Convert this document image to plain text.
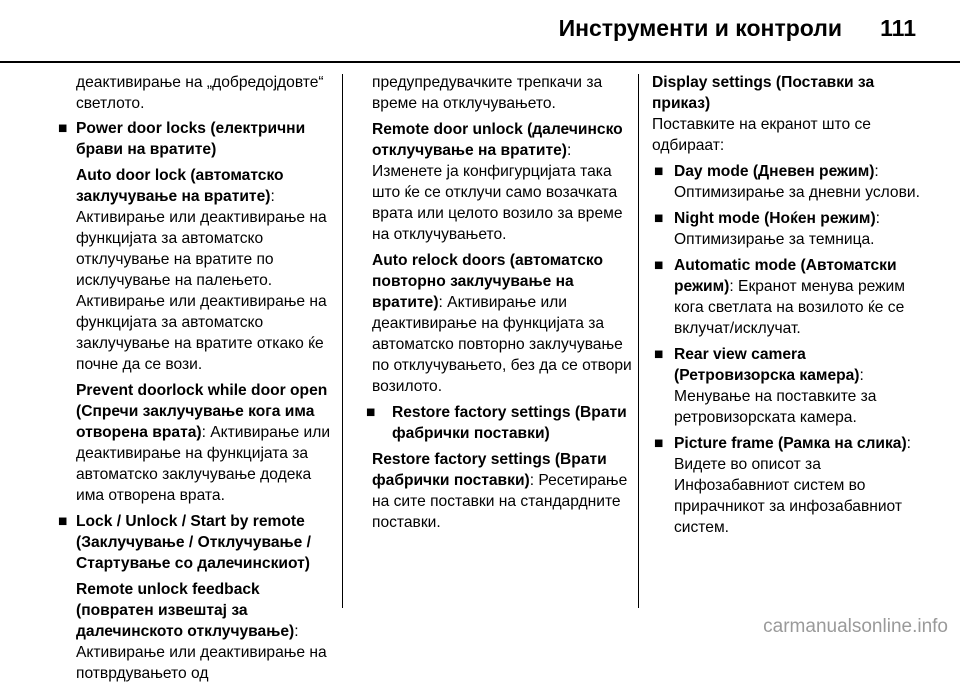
Инструменти и контроли 111

деактивирање на „добредојдовте“ светлото.

■ Power door locks (електрични брави на вратите)

Auto door lock (автоматско заклучување на вратите): Активирање или деактивирање на функцијата за автоматско отклучување на вратите по исклучување на палењето. Активирање или деактивирање на функцијата за автоматско заклучување на вратите откако ќе почне да се вози.

Prevent doorlock while door open (Спречи заклучување кога има отворена врата): Активирање или деактивирање на функцијата за автоматско заклучување додека има отворена врата.

■ Lock / Unlock / Start by remote (Заклучување / Отклучување / Стартување со далечинскиот)

Remote unlock feedback (повратен извештај за далечинското отклучување): Активирање или деактивирање на потврдувањето од

предупредувачките трепкачи за време на отклучувањето.

Remote door unlock (далечинско отклучување на вратите): Изменете ја конфигурцијата така што ќе се отклучи само возачката врата или целото возило за време на отклучувањето.

Auto relock doors (автоматско повторно заклучување на вратите): Активирање или деактивирање на функцијата за автоматско повторно заклучување по отклучувањето, без да се отвори возилото.

■ Restore factory settings (Врати фабрички поставки)

Restore factory settings (Врати фабрички поставки): Ресетирање на сите поставки на стандардните поставки.

Display settings (Поставки за приказ)

Поставките на екранот што се одбираат:

■ Day mode (Дневен режим): Оптимизирање за дневни услови.
■ Night mode (Ноќен режим): Оптимизирање за темница.
■ Automatic mode (Автоматски режим): Екранот менува режим кога светлата на возилото ќе се вклучат/исклучат.
■ Rear view camera (Ретровизорска камера): Менување на поставките за ретровизорската камера.
■ Picture frame (Рамка на слика): Видете во описот за Инфозабавниот систем во прирачникот за инфозабавниот систем.
carmanualsonline.info
